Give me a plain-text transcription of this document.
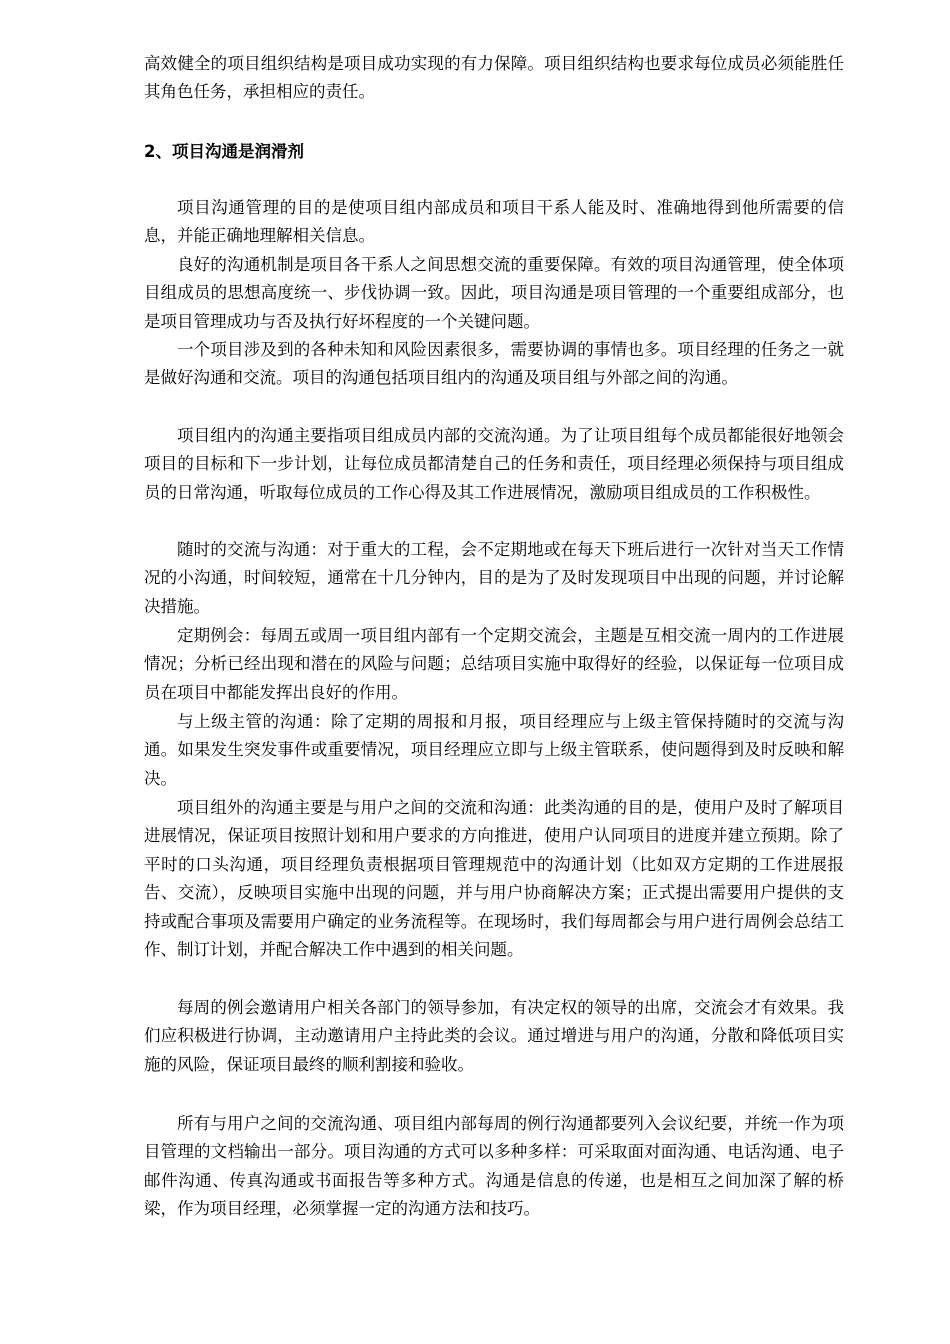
高效健全的项目组织结构是项目成功实现的有力保障。项目组织结构也要求每位成员必须能胜任其角色任务，承担相应的责任。

2、项目沟通是润滑剂

项目沟通管理的目的是使项目组内部成员和项目干系人能及时、准确地得到他所需要的信息，并能正确地理解相关信息。

良好的沟通机制是项目各干系人之间思想交流的重要保障。有效的项目沟通管理，使全体项目组成员的思想高度统一、步伐协调一致。因此，项目沟通是项目管理的一个重要组成部分，也是项目管理成功与否及执行好坏程度的一个关键问题。

一个项目涉及到的各种未知和风险因素很多，需要协调的事情也多。项目经理的任务之一就是做好沟通和交流。项目的沟通包括项目组内的沟通及项目组与外部之间的沟通。

项目组内的沟通主要指项目组成员内部的交流沟通。为了让项目组每个成员都能很好地领会项目的目标和下一步计划，让每位成员都清楚自己的任务和责任，项目经理必须保持与项目组成员的日常沟通，听取每位成员的工作心得及其工作进展情况，激励项目组成员的工作积极性。

随时的交流与沟通：对于重大的工程，会不定期地或在每天下班后进行一次针对当天工作情况的小沟通，时间较短，通常在十几分钟内，目的是为了及时发现项目中出现的问题，并讨论解决措施。

定期例会：每周五或周一项目组内部有一个定期交流会，主题是互相交流一周内的工作进展情况；分析已经出现和潜在的风险与问题；总结项目实施中取得好的经验，以保证每一位项目成员在项目中都能发挥出良好的作用。

与上级主管的沟通：除了定期的周报和月报，项目经理应与上级主管保持随时的交流与沟通。如果发生突发事件或重要情况，项目经理应立即与上级主管联系，使问题得到及时反映和解决。

项目组外的沟通主要是与用户之间的交流和沟通：此类沟通的目的是，使用户及时了解项目进展情况，保证项目按照计划和用户要求的方向推进，使用户认同项目的进度并建立预期。除了平时的口头沟通，项目经理负责根据项目管理规范中的沟通计划（比如双方定期的工作进展报告、交流），反映项目实施中出现的问题，并与用户协商解决方案；正式提出需要用户提供的支持或配合事项及需要用户确定的业务流程等。在现场时，我们每周都会与用户进行周例会总结工作、制订计划，并配合解决工作中遇到的相关问题。

每周的例会邀请用户相关各部门的领导参加，有决定权的领导的出席，交流会才有效果。我们应积极进行协调，主动邀请用户主持此类的会议。通过增进与用户的沟通，分散和降低项目实施的风险，保证项目最终的顺利割接和验收。

所有与用户之间的交流沟通、项目组内部每周的例行沟通都要列入会议纪要，并统一作为项目管理的文档输出一部分。项目沟通的方式可以多种多样：可采取面对面沟通、电话沟通、电子邮件沟通、传真沟通或书面报告等多种方式。沟通是信息的传递，也是相互之间加深了解的桥梁，作为项目经理，必须掌握一定的沟通方法和技巧。
